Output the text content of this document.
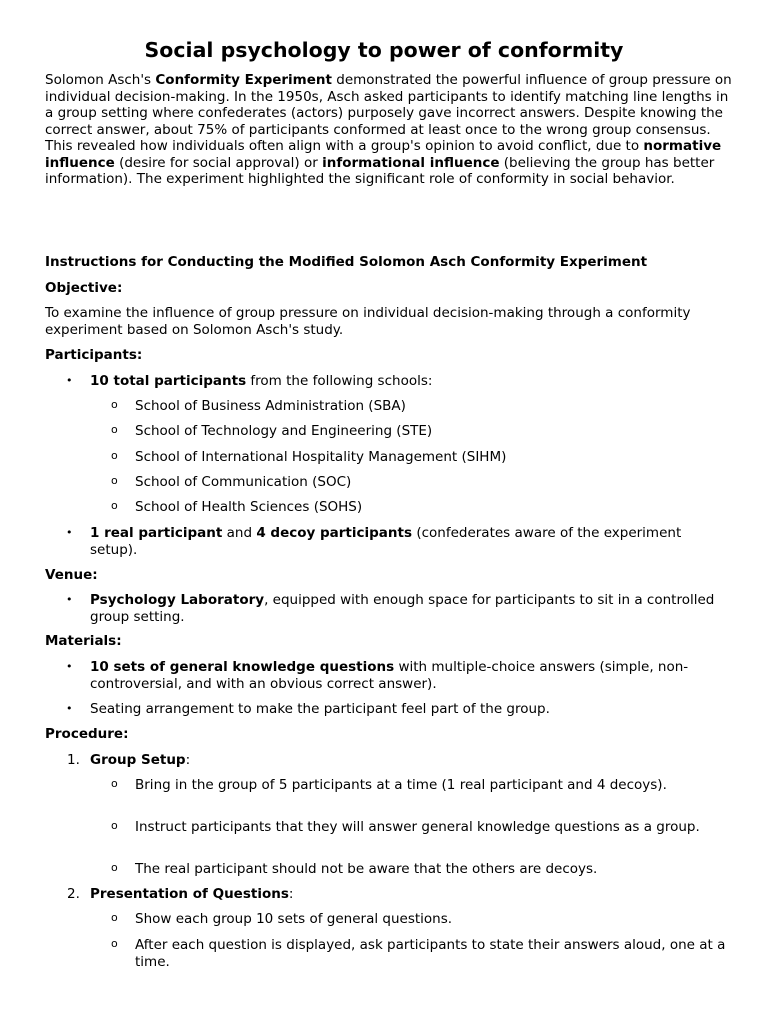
Social psychology to power of conformity

Solomon Asch's Conformity Experiment demonstrated the powerful influence of group pressure on individual decision-making. In the 1950s, Asch asked participants to identify matching line lengths in a group setting where confederates (actors) purposely gave incorrect answers. Despite knowing the correct answer, about 75% of participants conformed at least once to the wrong group consensus. This revealed how individuals often align with a group's opinion to avoid conflict, due to normative influence (desire for social approval) or informational influence (believing the group has better information). The experiment highlighted the significant role of conformity in social behavior.

Instructions for Conducting the Modified Solomon Asch Conformity Experiment

Objective:

To examine the influence of group pressure on individual decision-making through a conformity experiment based on Solomon Asch's study.

Participants:

• 10 total participants from the following schools:

o School of Business Administration (SBA)

o School of Technology and Engineering (STE)

o School of International Hospitality Management (SIHM)

o School of Communication (SOC)

o School of Health Sciences (SOHS)

• 1 real participant and 4 decoy participants (confederates aware of the experiment setup).

Venue:

• Psychology Laboratory, equipped with enough space for participants to sit in a controlled group setting.

Materials:

• 10 sets of general knowledge questions with multiple-choice answers (simple, non-controversial, and with an obvious correct answer).

• Seating arrangement to make the participant feel part of the group.

Procedure:

1. Group Setup:

o Bring in the group of 5 participants at a time (1 real participant and 4 decoys).

o Instruct participants that they will answer general knowledge questions as a group.

o The real participant should not be aware that the others are decoys.

2. Presentation of Questions:

o Show each group 10 sets of general questions.

o After each question is displayed, ask participants to state their answers aloud, one at a time.
